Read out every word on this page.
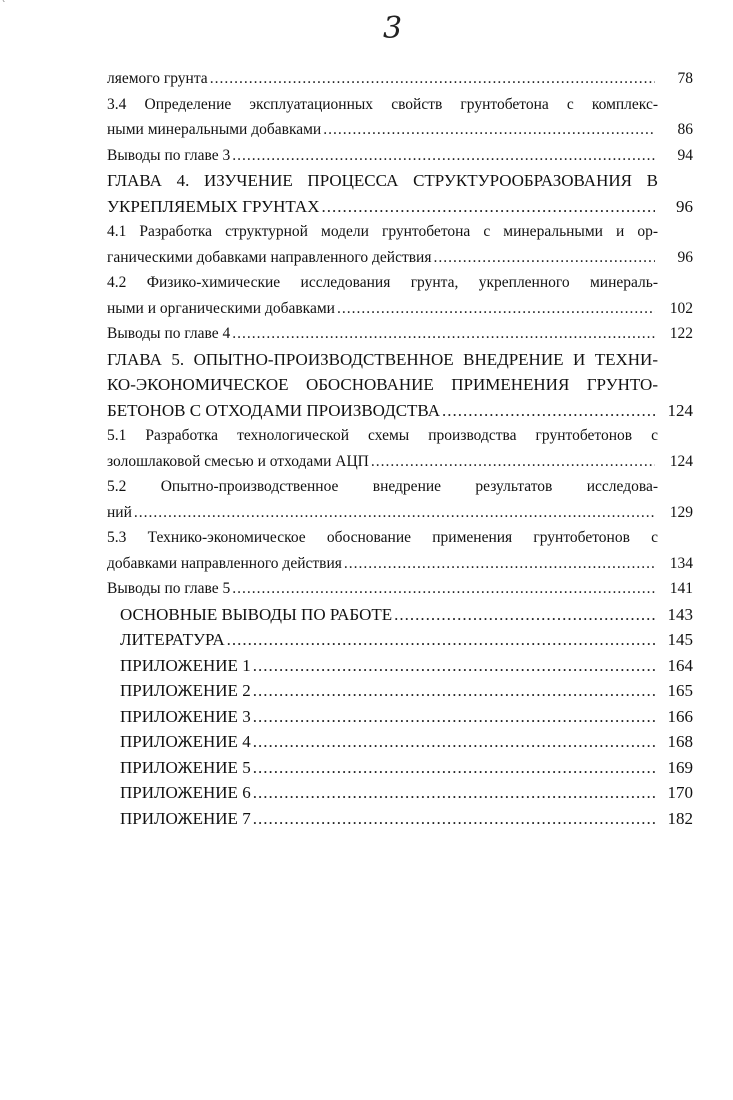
`
3
ляемого грунта .....	78
3.4 Определение эксплуатационных свойств грунтобетона с комплекс-
ными минеральными добавками .....	86
Выводы по главе 3 .....	94
ГЛАВА 4. ИЗУЧЕНИЕ ПРОЦЕССА СТРУКТУРООБРАЗОВАНИЯ В
УКРЕПЛЯЕМЫХ ГРУНТАХ .....	96
4.1 Разработка структурной модели грунтобетона с минеральными и ор-
ганическими добавками направленного действия .....	96
4.2 Физико-химические исследования грунта, укрепленного минераль-
ными и органическими добавками .....	102
Выводы по главе 4 .....	122
ГЛАВА 5. ОПЫТНО-ПРОИЗВОДСТВЕННОЕ ВНЕДРЕНИЕ И ТЕХНИ-
КО-ЭКОНОМИЧЕСКОЕ ОБОСНОВАНИЕ ПРИМЕНЕНИЯ ГРУНТО-
БЕТОНОВ С ОТХОДАМИ ПРОИЗВОДСТВА .....	124
5.1 Разработка технологической схемы производства грунтобетонов с
золошлаковой смесью и отходами АЦП .....	124
5.2 Опытно-производственное внедрение результатов исследова-
ний .....	129
5.3 Технико-экономическое обоснование применения грунтобетонов с
добавками направленного действия .....	134
Выводы по главе 5 .....	141
ОСНОВНЫЕ ВЫВОДЫ ПО РАБОТЕ .....	143
ЛИТЕРАТУРА .....	145
ПРИЛОЖЕНИЕ 1 .....	164
ПРИЛОЖЕНИЕ 2 .....	165
ПРИЛОЖЕНИЕ 3 .....	166
ПРИЛОЖЕНИЕ 4 .....	168
ПРИЛОЖЕНИЕ 5 .....	169
ПРИЛОЖЕНИЕ 6 .....	170
ПРИЛОЖЕНИЕ 7 .....	182
